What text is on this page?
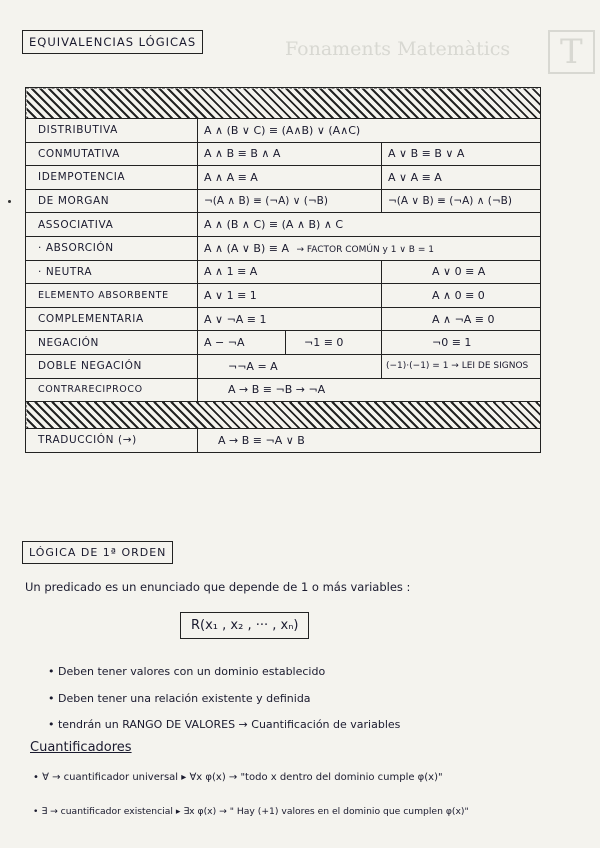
Fonaments Matemàtics	T
EQUIVALENCIAS LÓGICAS

DISTRIBUTIVA	A ∧ (B ∨ C) ≡ (A∧B) ∨ (A∧C)		
CONMUTATIVA	A ∧ B ≡ B ∧ A		A ∨ B ≡ B ∨ A
IDEMPOTENCIA	A ∧ A ≡ A		A ∨ A ≡ A
DE MORGAN	¬(A ∧ B) ≡ (¬A) ∨ (¬B)		¬(A ∨ B) ≡ (¬A) ∧ (¬B)
ASSOCIATIVA	A ∧ (B ∧ C) ≡ (A ∧ B) ∧ C		
· ABSORCIÓN	A ∧ (A ∨ B) ≡ A → FACTOR COMÚN y 1 ∨ B = 1		
· NEUTRA	A ∧ 1 ≡ A		A ∨ 0 ≡ A
ELEMENTO ABSORBENTE	A ∨ 1 ≡ 1		A ∧ 0 ≡ 0
COMPLEMENTARIA	A ∨ ¬A ≡ 1		A ∧ ¬A ≡ 0
NEGACIÓN	A − ¬A	¬1 ≡ 0	¬0 ≡ 1
DOBLE NEGACIÓN	¬¬A = A		(−1)·(−1) = 1 → LEI DE SIGNOS
CONTRARECIPROCO	A → B ≡ ¬B → ¬A		

TRADUCCIÓN (→)	A → B ≡ ¬A ∨ B		
LÓGICA DE 1ª ORDEN
Un predicado es un enunciado que depende de 1 o más variables :
R(x₁ , x₂ , ··· , xₙ)
• Deben tener valores con un dominio establecido
• Deben tener una relación existente y definida
• tendrán un RANGO DE VALORES → Cuantificación de variables
Cuantificadores
• ∀ → cuantificador universal ▸ ∀x φ(x) → "todo x dentro del dominio cumple φ(x)"
• ∃ → cuantificador existencial ▸ ∃x φ(x) → " Hay (+1) valores en el dominio que cumplen φ(x)"
